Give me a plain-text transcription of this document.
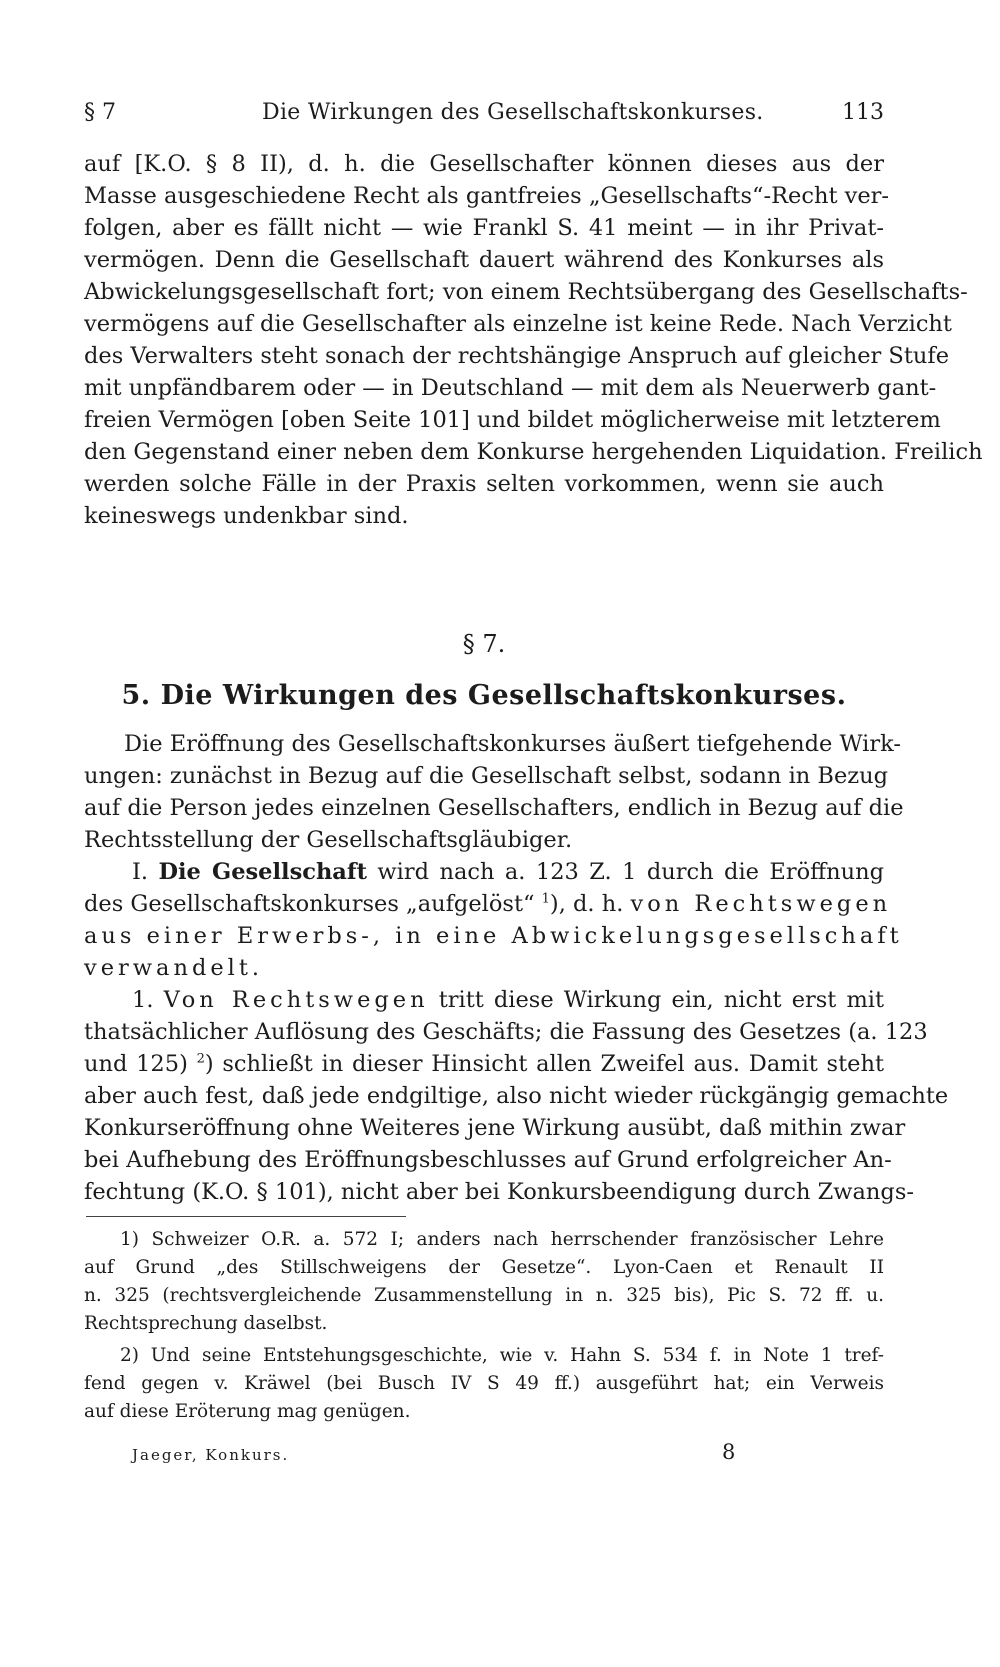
§ 7	Die Wirkungen des Gesellschaftskonkurses.	113
auf [K.O. § 8 II), d. h. die Gesellschafter können dieses aus der
Masse ausgeschiedene Recht als gantfreies „Gesellschafts“-Recht ver-
folgen, aber es fällt nicht — wie Frankl S. 41 meint — in ihr Privat-
vermögen. Denn die Gesellschaft dauert während des Konkurses als
Abwickelungsgesellschaft fort; von einem Rechtsübergang des Gesellschafts-
vermögens auf die Gesellschafter als einzelne ist keine Rede. Nach Verzicht
des Verwalters steht sonach der rechtshängige Anspruch auf gleicher Stufe
mit unpfändbarem oder — in Deutschland — mit dem als Neuerwerb gant-
freien Vermögen [oben Seite 101] und bildet möglicherweise mit letzterem
den Gegenstand einer neben dem Konkurse hergehenden Liquidation. Freilich
werden solche Fälle in der Praxis selten vorkommen, wenn sie auch
keineswegs undenkbar sind.
§ 7.
5. Die Wirkungen des Gesellschaftskonkurses.
Die Eröffnung des Gesellschaftskonkurses äußert tiefgehende Wirk-
ungen: zunächst in Bezug auf die Gesellschaft selbst, sodann in Bezug
auf die Person jedes einzelnen Gesellschafters, endlich in Bezug auf die
Rechtsstellung der Gesellschaftsgläubiger.
I. Die Gesellschaft wird nach a. 123 Z. 1 durch die Eröffnung
des Gesellschaftskonkurses „aufgelöst“ $^1$), d. h. von Rechtswegen
aus einer Erwerbs-, in eine Abwickelungsgesellschaft
verwandelt.
1. Von Rechtswegen tritt diese Wirkung ein, nicht erst mit
thatsächlicher Auflösung des Geschäfts; die Fassung des Gesetzes (a. 123
und 125) $^2$) schließt in dieser Hinsicht allen Zweifel aus. Damit steht
aber auch fest, daß jede endgiltige, also nicht wieder rückgängig gemachte
Konkurseröffnung ohne Weiteres jene Wirkung ausübt, daß mithin zwar
bei Aufhebung des Eröffnungsbeschlusses auf Grund erfolgreicher An-
fechtung (K.O. § 101), nicht aber bei Konkursbeendigung durch Zwangs-
1) Schweizer O.R. a. 572 I; anders nach herrschender französischer Lehre
auf Grund „des Stillschweigens der Gesetze“. Lyon-Caen et Renault II
n. 325 (rechtsvergleichende Zusammenstellung in n. 325 bis), Pic S. 72 ff. u.
Rechtsprechung daselbst.
2) Und seine Entstehungsgeschichte, wie v. Hahn S. 534 f. in Note 1 tref-
fend gegen v. Kräwel (bei Busch IV S 49 ff.) ausgeführt hat; ein Verweis
auf diese Eröterung mag genügen.
Jaeger, Konkurs.	8
